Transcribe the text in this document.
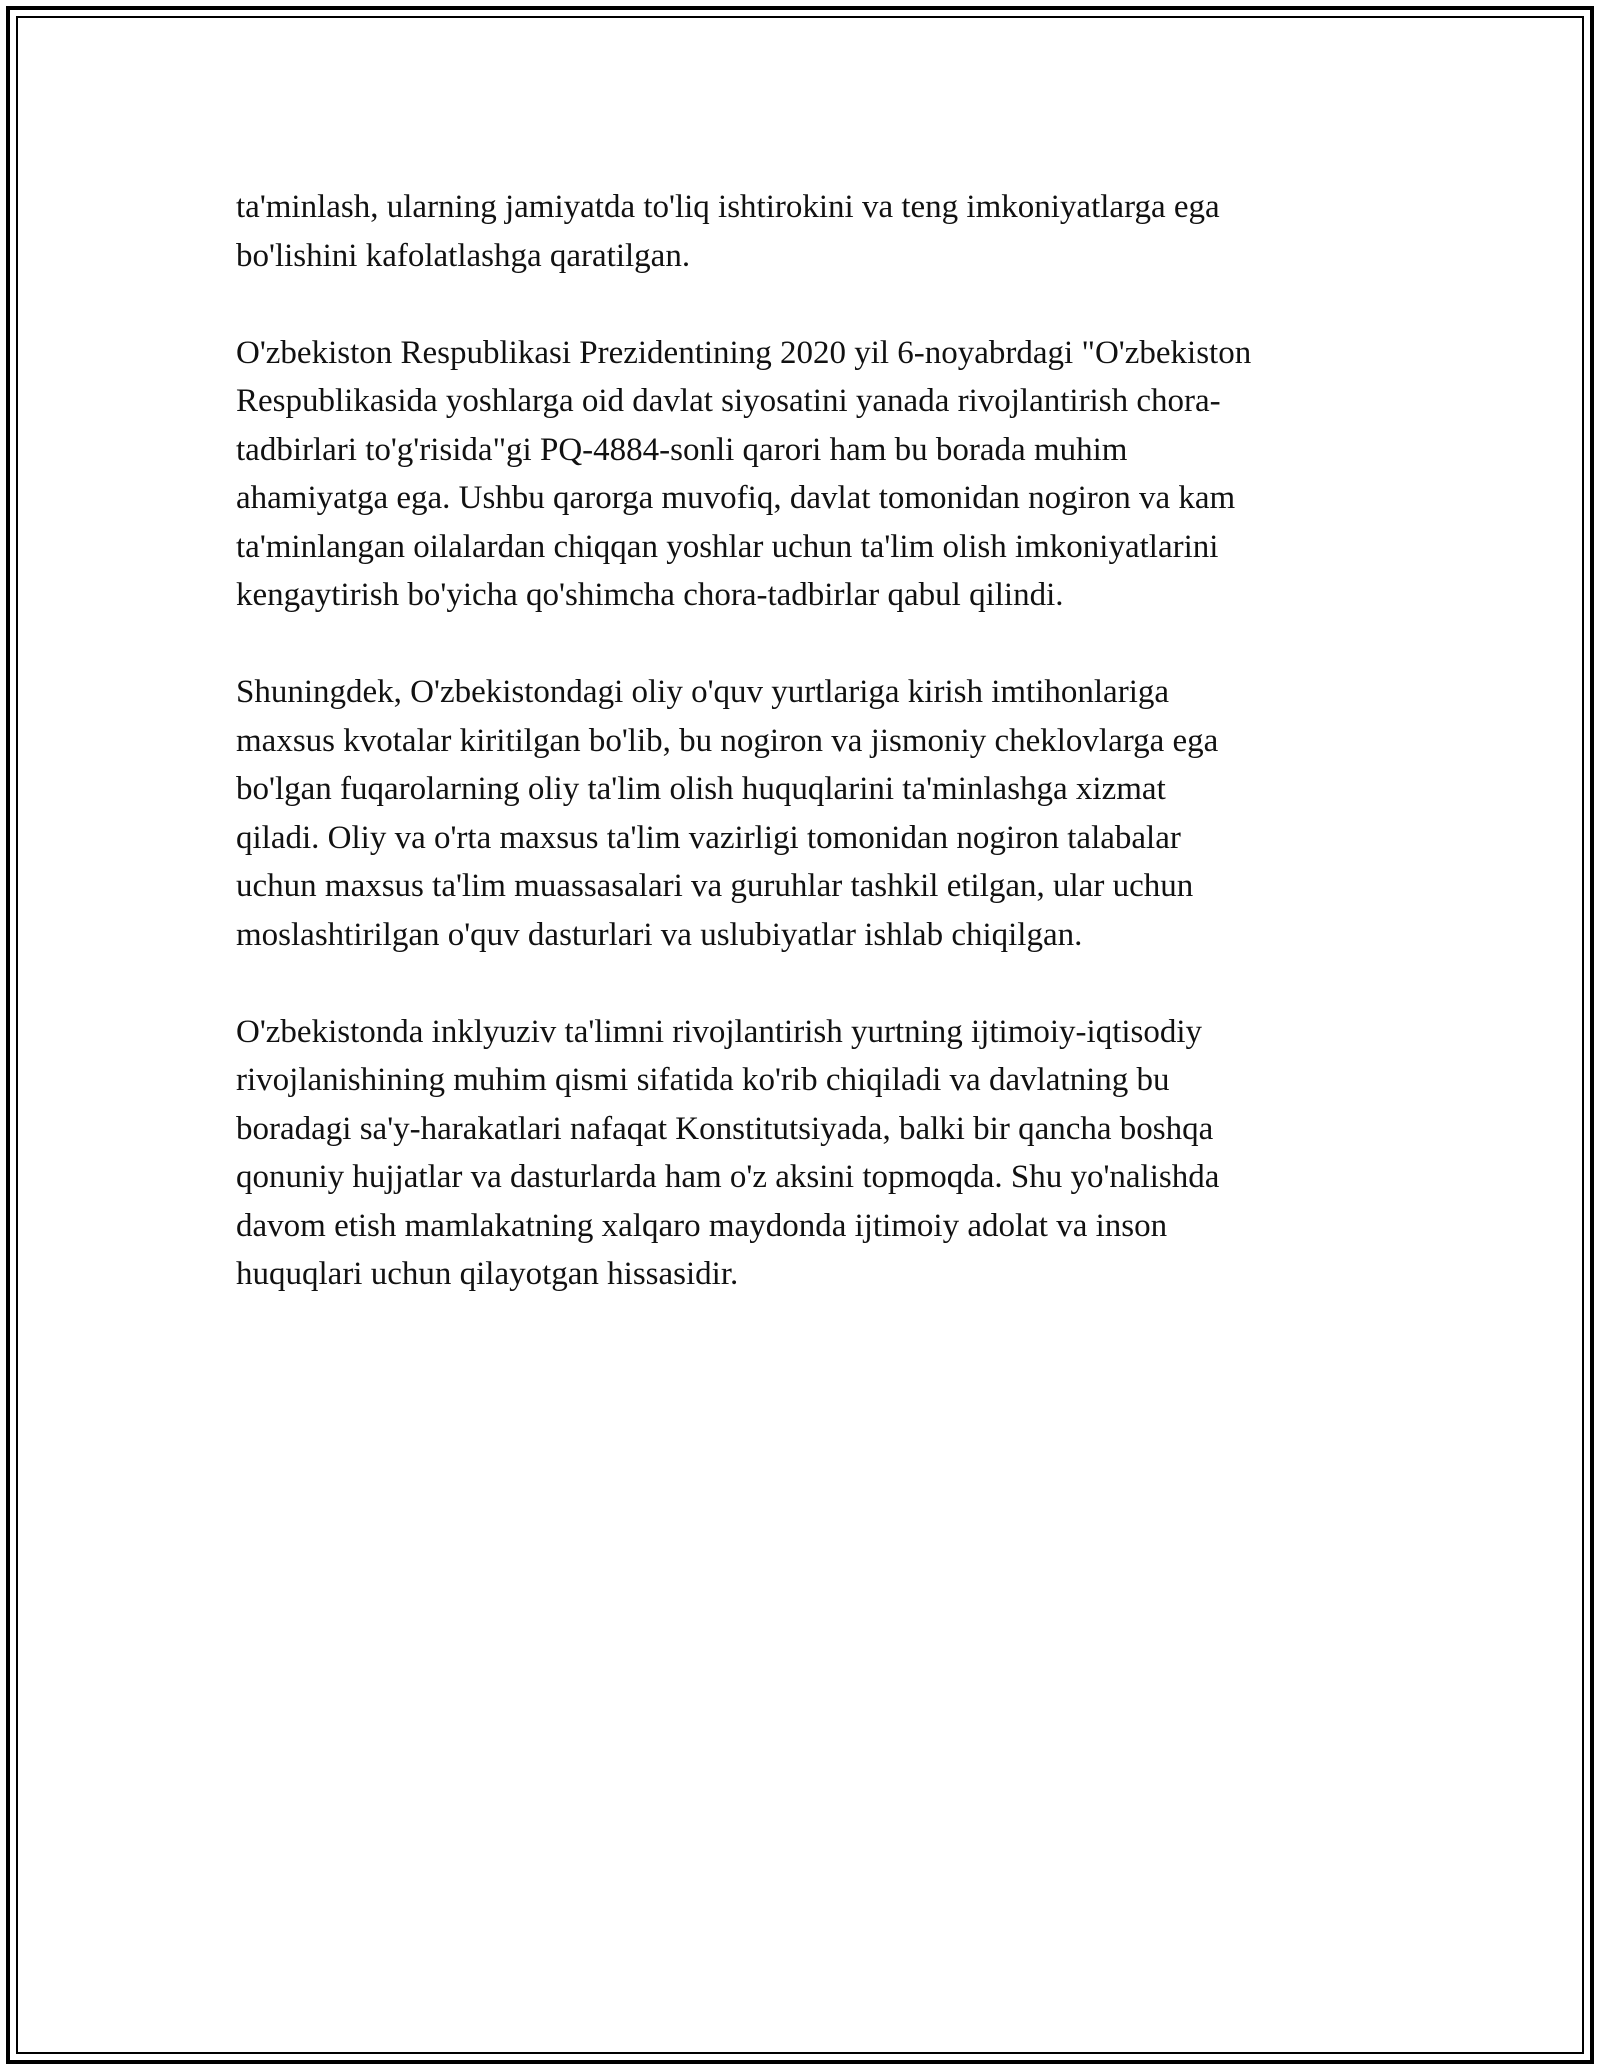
ta'minlash, ularning jamiyatda to'liq ishtirokini va teng imkoniyatlarga ega
bo'lishini kafolatlashga qaratilgan.

O'zbekiston Respublikasi Prezidentining 2020 yil 6-noyabrdagi "O'zbekiston
Respublikasida yoshlarga oid davlat siyosatini yanada rivojlantirish chora-
tadbirlari to'g'risida"gi PQ-4884-sonli qarori ham bu borada muhim
ahamiyatga ega. Ushbu qarorga muvofiq, davlat tomonidan nogiron va kam
ta'minlangan oilalardan chiqqan yoshlar uchun ta'lim olish imkoniyatlarini
kengaytirish bo'yicha qo'shimcha chora-tadbirlar qabul qilindi.

Shuningdek, O'zbekistondagi oliy o'quv yurtlariga kirish imtihonlariga
maxsus kvotalar kiritilgan bo'lib, bu nogiron va jismoniy cheklovlarga ega
bo'lgan fuqarolarning oliy ta'lim olish huquqlarini ta'minlashga xizmat
qiladi. Oliy va o'rta maxsus ta'lim vazirligi tomonidan nogiron talabalar
uchun maxsus ta'lim muassasalari va guruhlar tashkil etilgan, ular uchun
moslashtirilgan o'quv dasturlari va uslubiyatlar ishlab chiqilgan.

O'zbekistonda inklyuziv ta'limni rivojlantirish yurtning ijtimoiy-iqtisodiy
rivojlanishining muhim qismi sifatida ko'rib chiqiladi va davlatning bu
boradagi sa'y-harakatlari nafaqat Konstitutsiyada, balki bir qancha boshqa
qonuniy hujjatlar va dasturlarda ham o'z aksini topmoqda. Shu yo'nalishda
davom etish mamlakatning xalqaro maydonda ijtimoiy adolat va inson
huquqlari uchun qilayotgan hissasidir.
